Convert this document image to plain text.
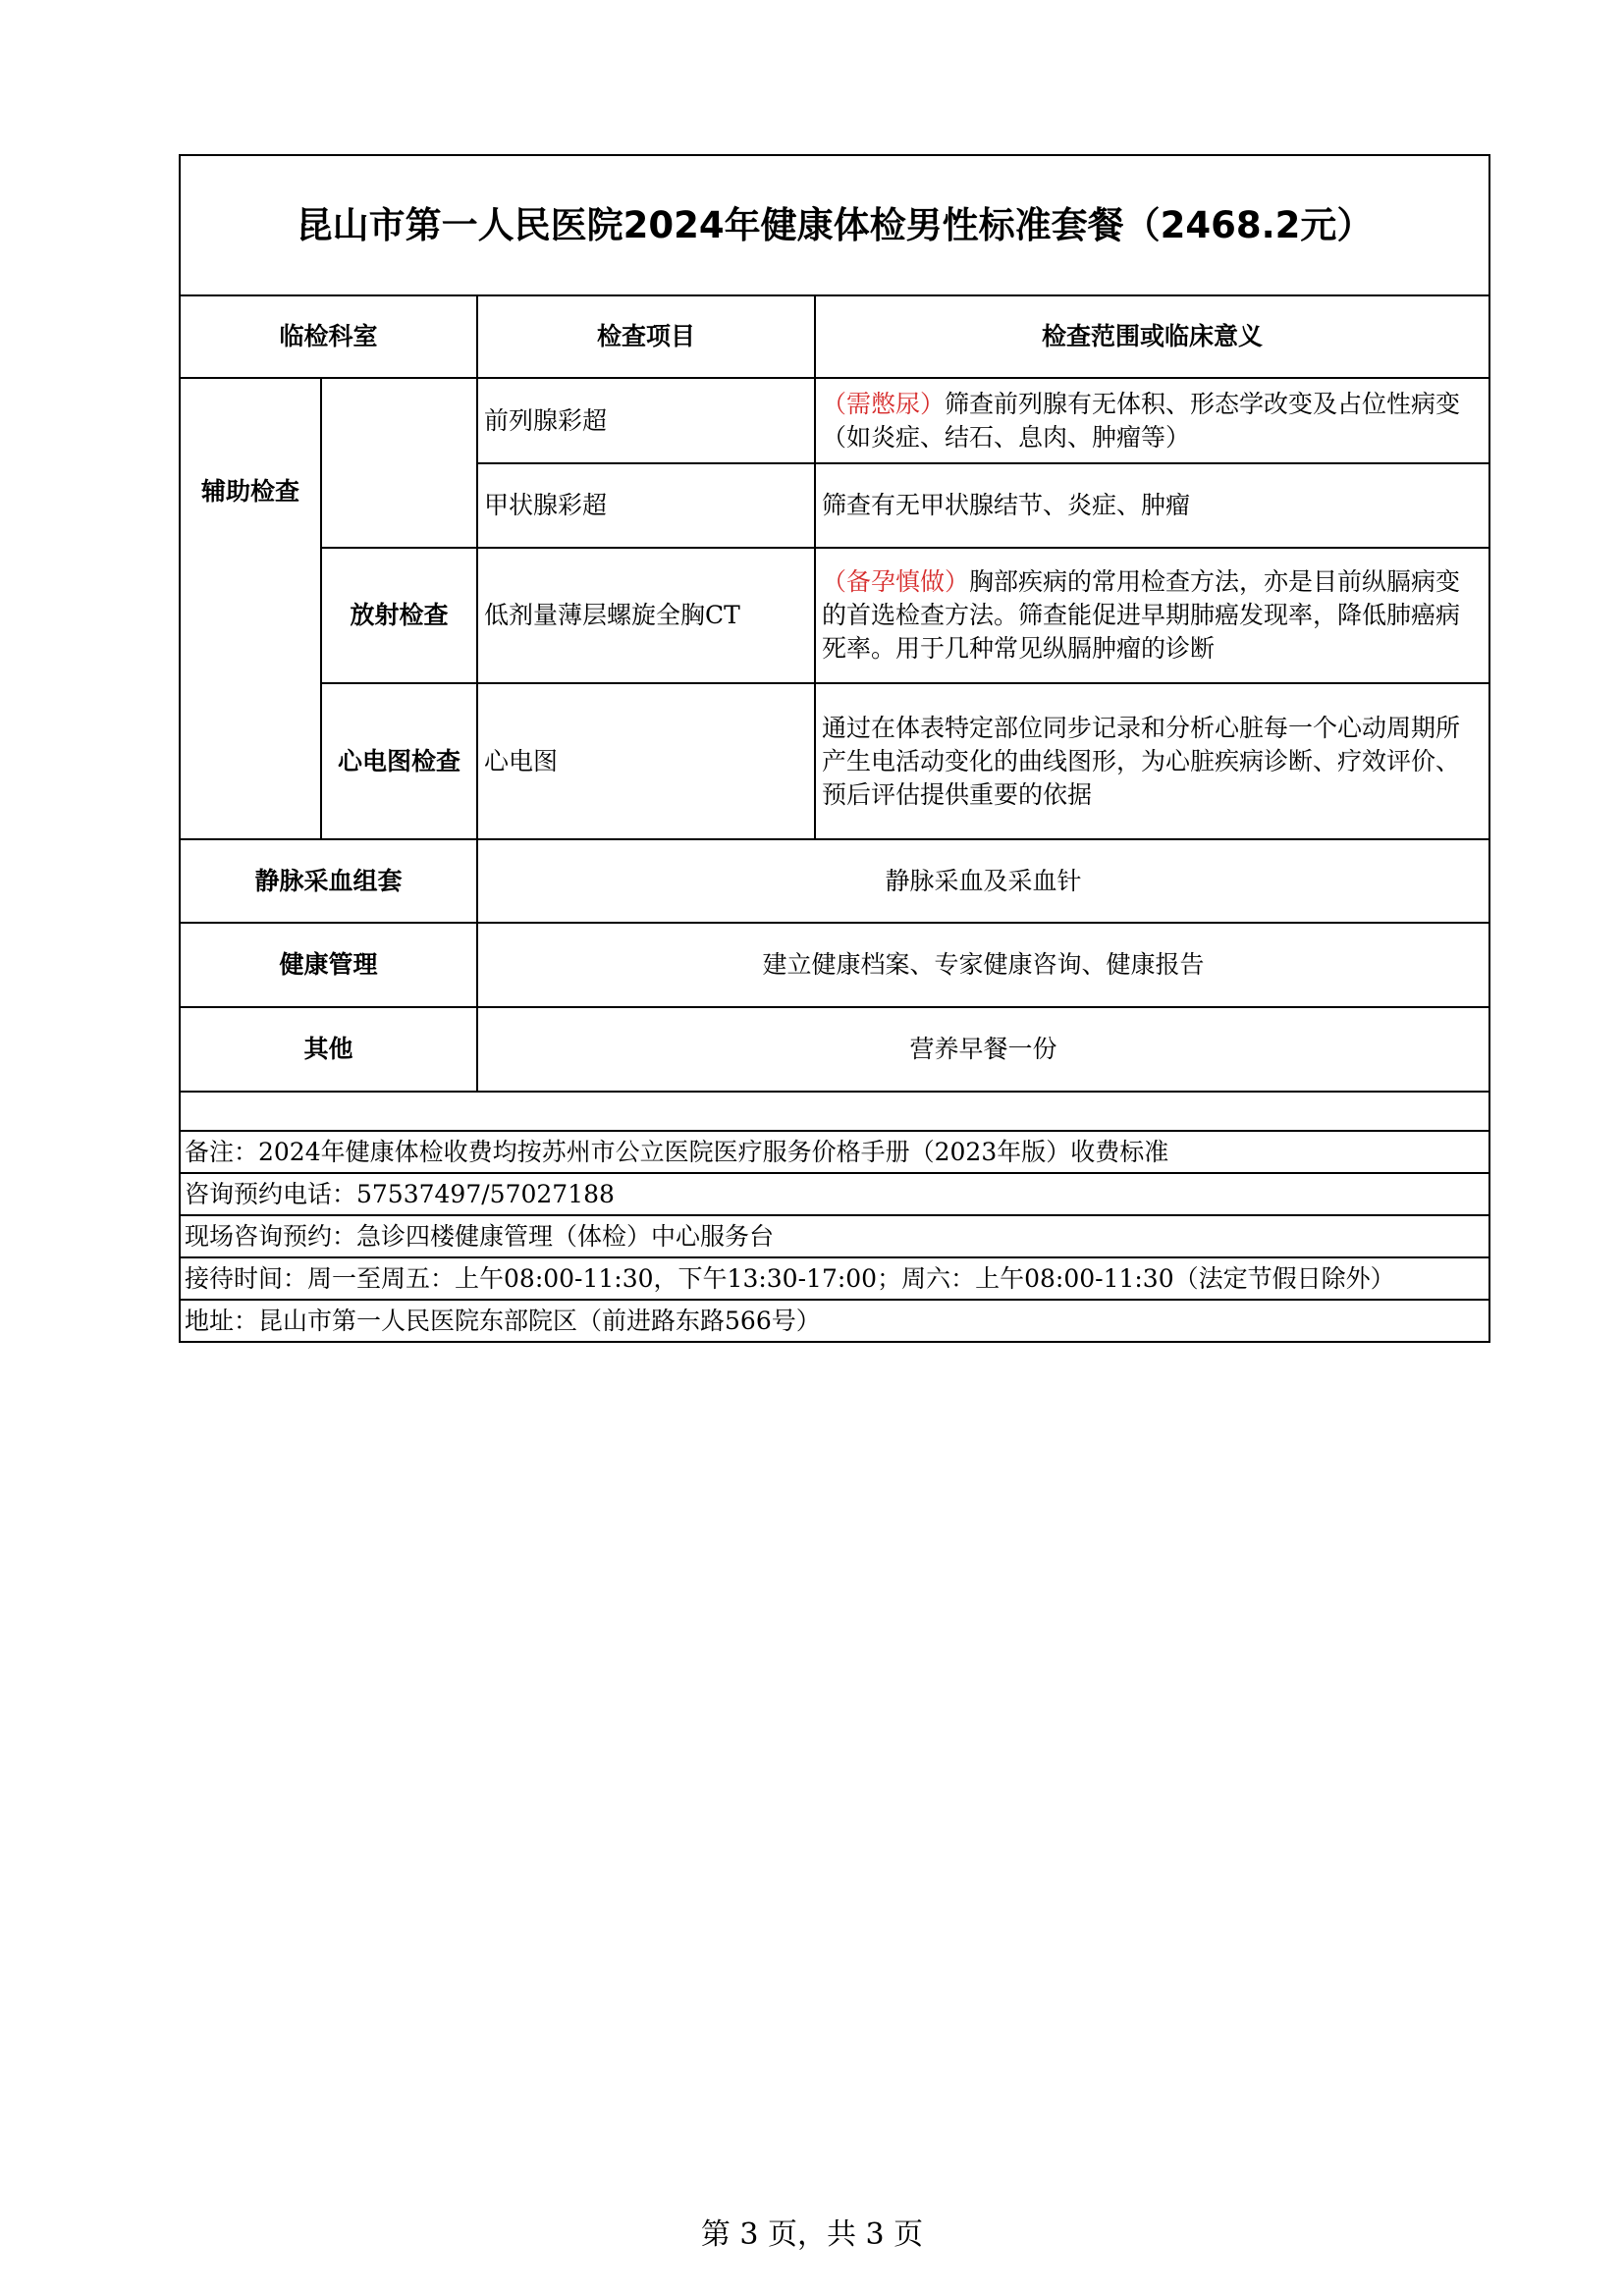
昆山市第一人民医院2024年健康体检男性标准套餐（2468.2元）			
临检科室		检查项目	检查范围或临床意义
辅助检查		前列腺彩超	（需憋尿）筛查前列腺有无体积、形态学改变及占位性病变（如炎症、结石、息肉、肿瘤等）
		甲状腺彩超	筛查有无甲状腺结节、炎症、肿瘤
	放射检查	低剂量薄层螺旋全胸CT	（备孕慎做）胸部疾病的常用检查方法，亦是目前纵膈病变的首选检查方法。筛查能促进早期肺癌发现率，降低肺癌病死率。用于几种常见纵膈肿瘤的诊断
	心电图检查	心电图	通过在体表特定部位同步记录和分析心脏每一个心动周期所产生电活动变化的曲线图形，为心脏疾病诊断、疗效评价、预后评估提供重要的依据
静脉采血组套		静脉采血及采血针	
健康管理		建立健康档案、专家健康咨询、健康报告	
其他		营养早餐一份	

备注：2024年健康体检收费均按苏州市公立医院医疗服务价格手册（2023年版）收费标准			
咨询预约电话：57537497/57027188			
现场咨询预约：急诊四楼健康管理（体检）中心服务台			
接待时间：周一至周五：上午08:00-11:30，下午13:30-17:00；周六：上午08:00-11:30（法定节假日除外）			
地址：昆山市第一人民医院东部院区（前进路东路566号）			
第 3 页，共 3 页
